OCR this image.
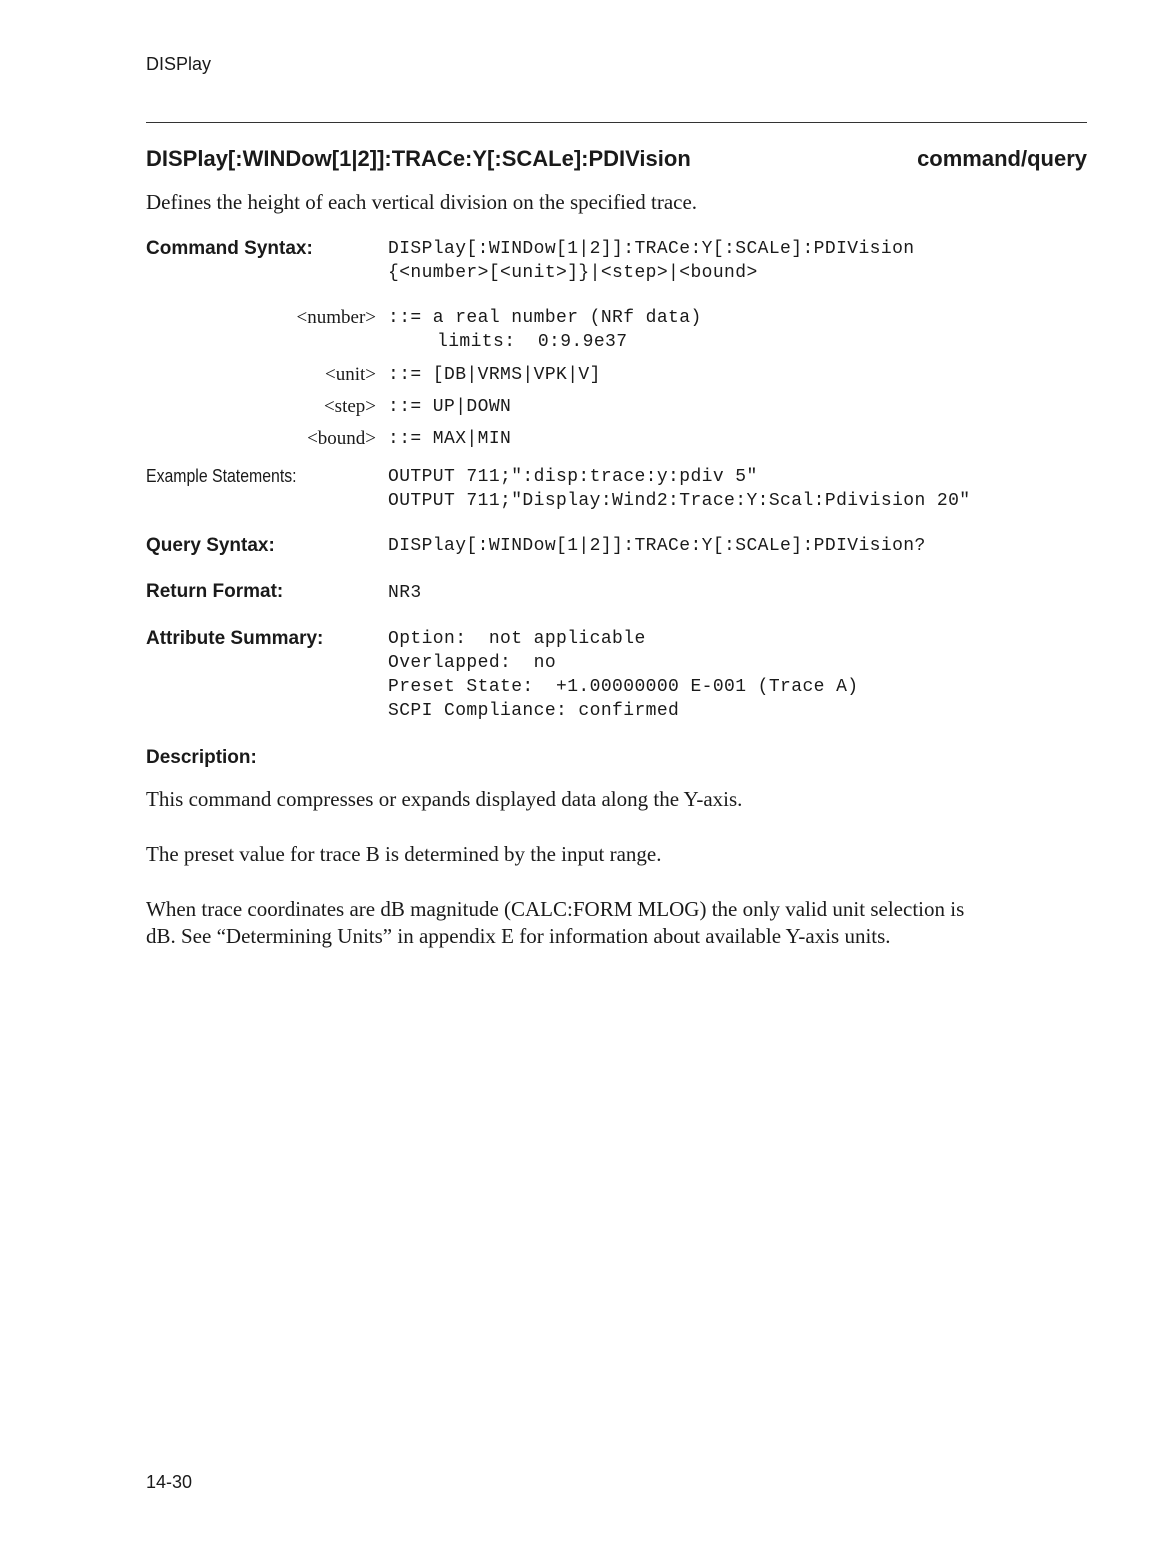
DISPlay
DISPlay[:WINDow[1|2]]:TRACe:Y[:SCALe]:PDIVision	command/query
Defines the height of each vertical division on the specified trace.
Command Syntax:	DISPlay[:WINDow[1|2]]:TRACe:Y[:SCALe]:PDIVision
{<number>[<unit>]}|<step>|<bound>
<number> ::= a real number (NRf data)
limits:  0:9.9e37
<unit> ::= [DB|VRMS|VPK|V]
<step> ::= UP|DOWN
<bound> ::= MAX|MIN
Example Statements:	OUTPUT 711;":disp:trace:y:pdiv 5"
OUTPUT 711;"Display:Wind2:Trace:Y:Scal:Pdivision 20"
Query Syntax:	DISPlay[:WINDow[1|2]]:TRACe:Y[:SCALe]:PDIVision?
Return Format:	NR3
Attribute Summary:	Option:  not applicable
Overlapped:  no
Preset State:  +1.00000000 E-001 (Trace A)
SCPI Compliance: confirmed
Description:
This command compresses or expands displayed data along the Y-axis.
The preset value for trace B is determined by the input range.
When trace coordinates are dB magnitude (CALC:FORM MLOG) the only valid unit selection is
dB. See “Determining Units” in appendix E for information about available Y-axis units.
14-30
